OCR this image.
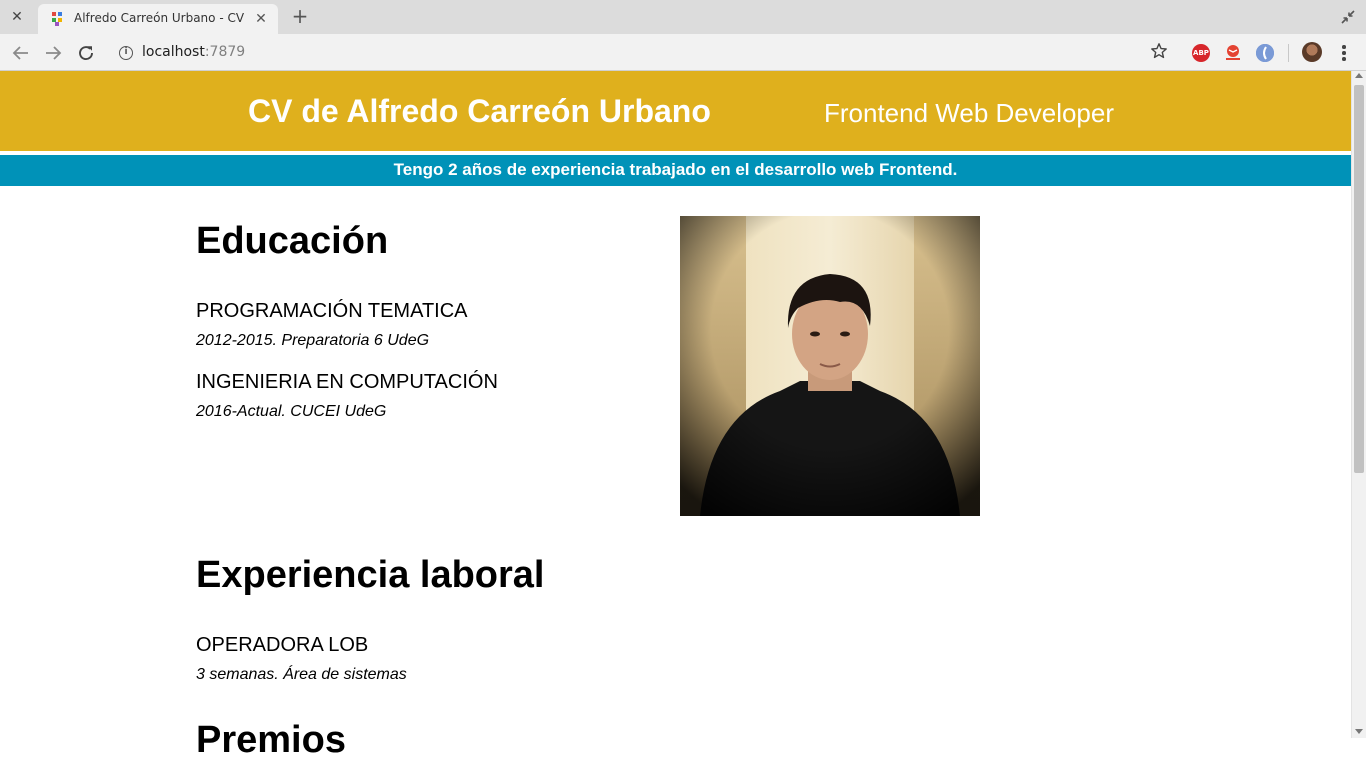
✕	Alfredo Carreón Urbano - CV ✕ +
i	localhost:7879	ABP
CV de Alfredo Carreón Urbano	Frontend Web Developer
Tengo 2 años de experiencia trabajado en el desarrollo web Frontend.
Educación
PROGRAMACIÓN TEMATICA
2012-2015. Preparatoria 6 UdeG
INGENIERIA EN COMPUTACIÓN
2016-Actual. CUCEI UdeG
Experiencia laboral
OPERADORA LOB
3 semanas. Área de sistemas
Premios
